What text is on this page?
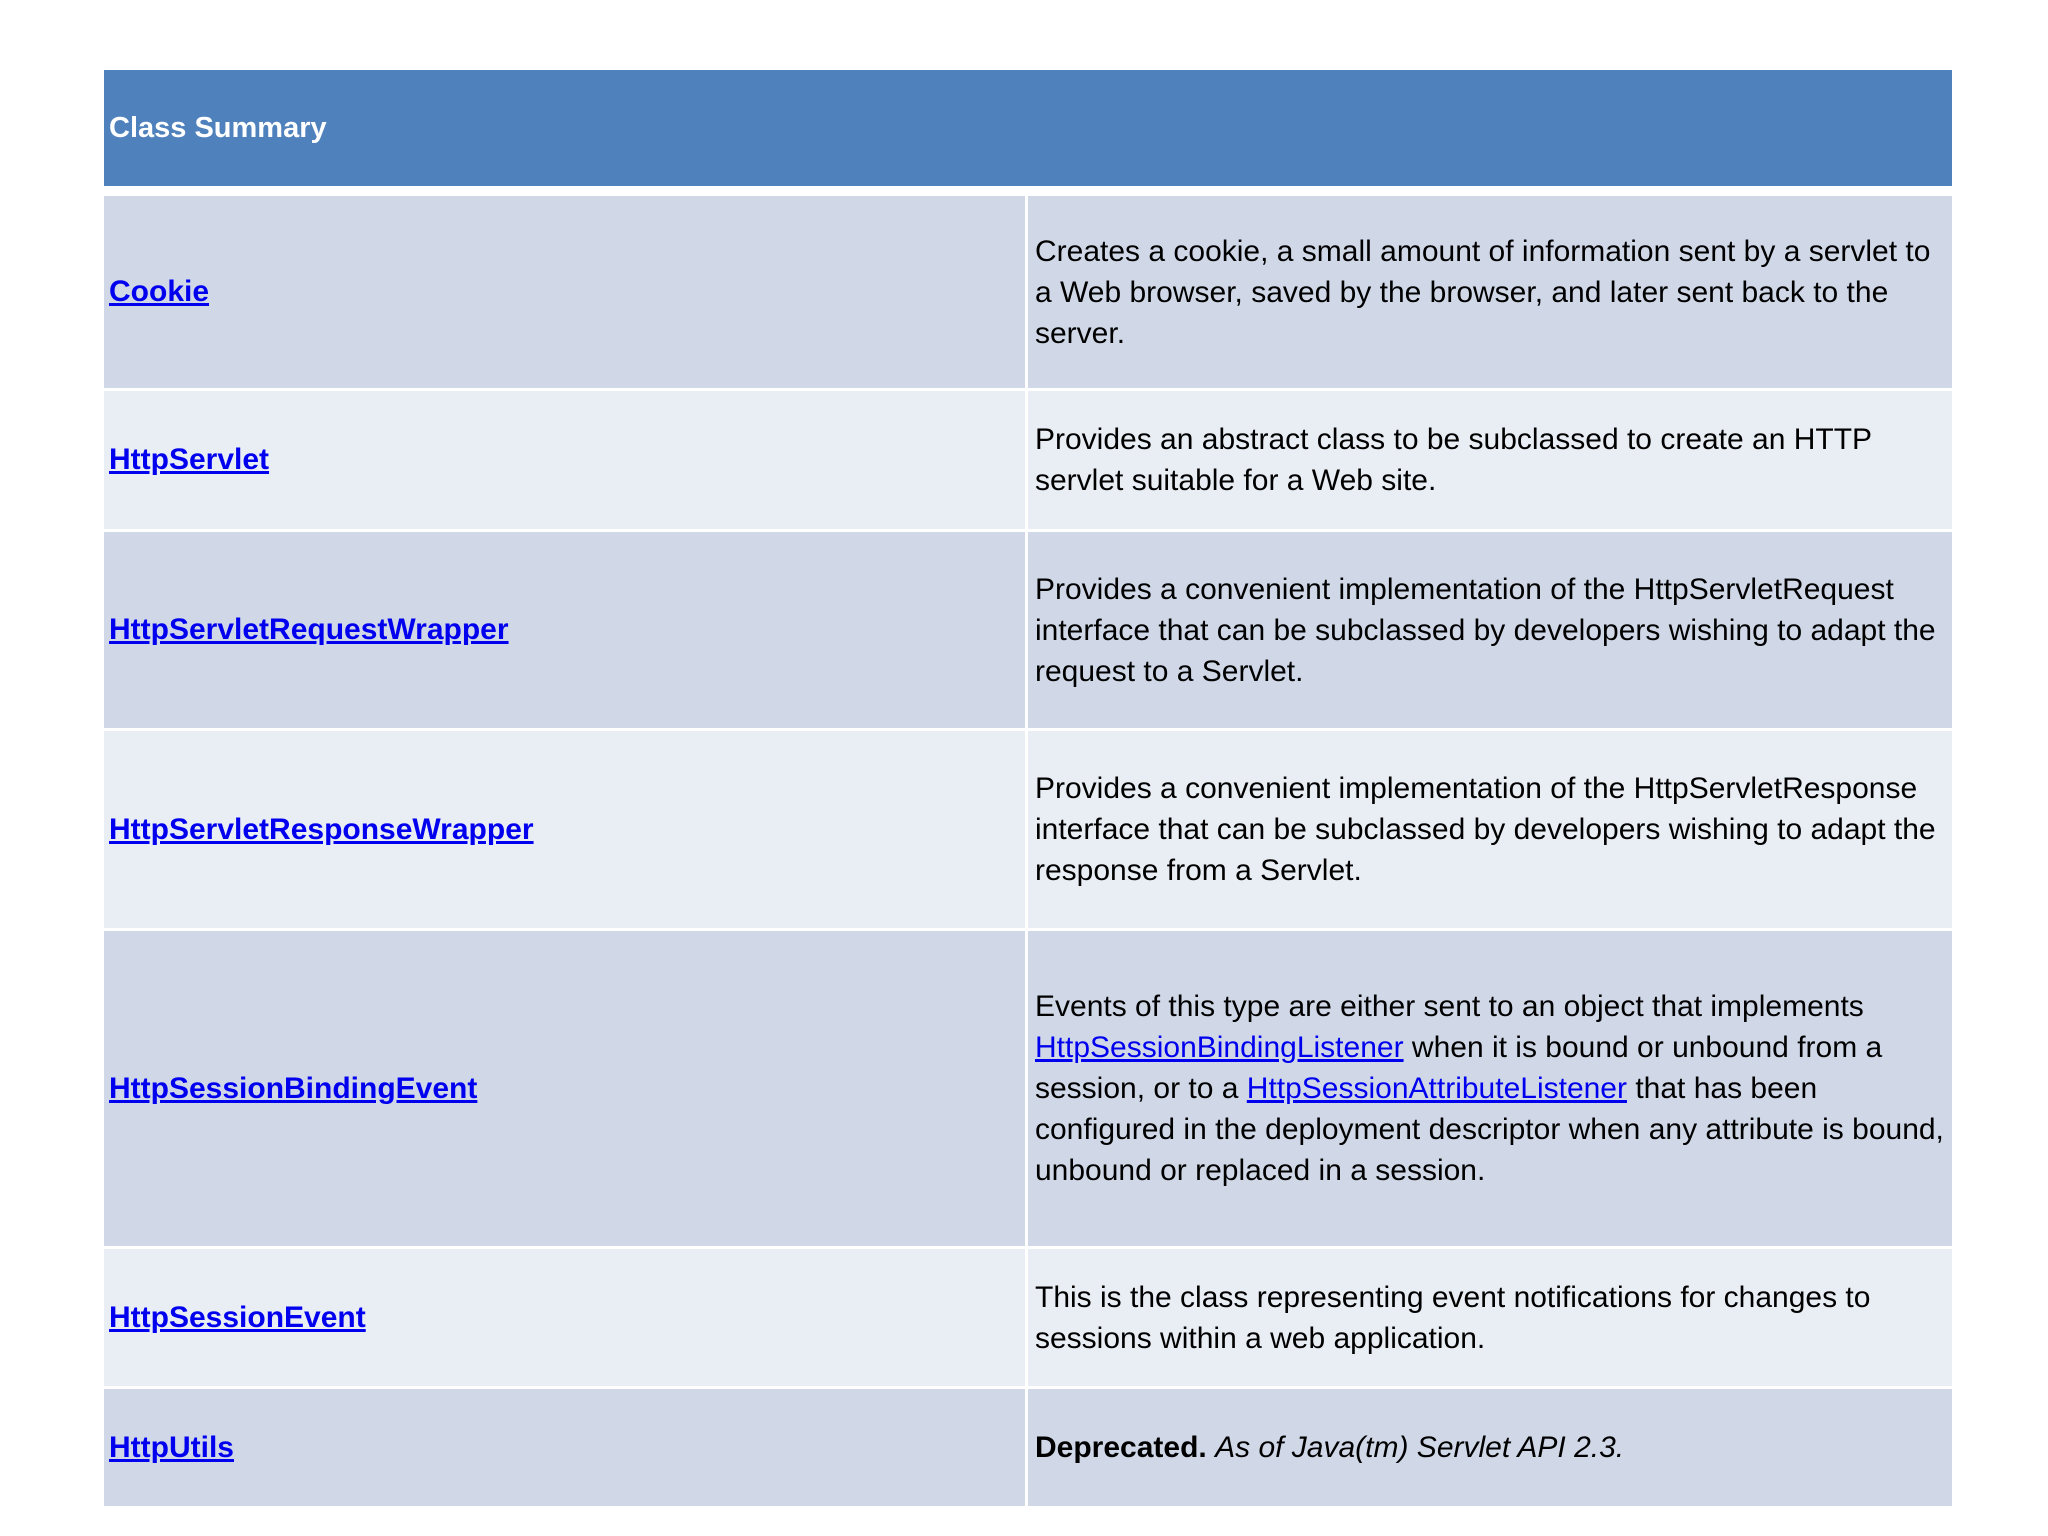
Class Summary
Cookie
Creates a cookie, a small amount of information sent by a servlet to a Web browser, saved by the browser, and later sent back to the server.
HttpServlet
Provides an abstract class to be subclassed to create an HTTP servlet suitable for a Web site.
HttpServletRequestWrapper
Provides a convenient implementation of the HttpServletRequest interface that can be subclassed by developers wishing to adapt the request to a Servlet.
HttpServletResponseWrapper
Provides a convenient implementation of the HttpServletResponse interface that can be subclassed by developers wishing to adapt the response from a Servlet.
HttpSessionBindingEvent
Events of this type are either sent to an object that implements HttpSessionBindingListener when it is bound or unbound from a session, or to a HttpSessionAttributeListener that has been configured in the deployment descriptor when any attribute is bound, unbound or replaced in a session.
HttpSessionEvent
This is the class representing event notifications for changes to sessions within a web application.
HttpUtils	Deprecated. As of Java(tm) Servlet API 2.3.
